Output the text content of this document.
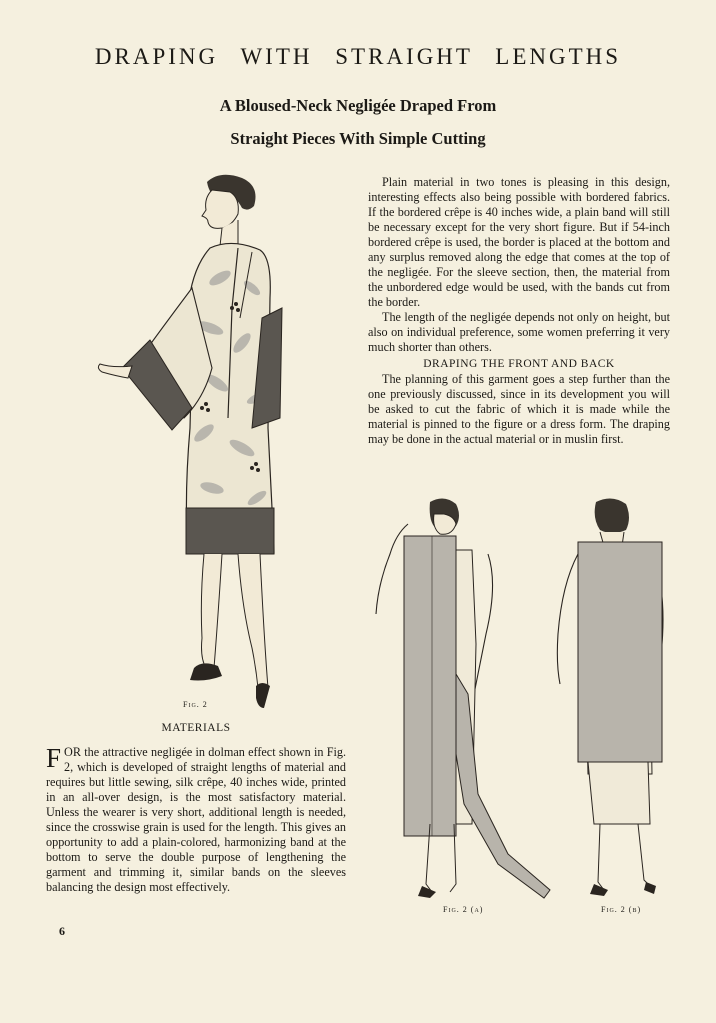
DRAPING WITH STRAIGHT LENGTHS
A Bloused-Neck Negligée Draped From
Straight Pieces With Simple Cutting
Fig. 2

Plain material in two tones is pleasing in this design, interesting effects also being possible with bordered fabrics. If the bordered crêpe is 40 inches wide, a plain band will still be necessary except for the very short figure. But if 54-inch bordered crêpe is used, the border is placed at the bottom and any surplus removed along the edge that comes at the top of the negligée. For the sleeve section, then, the material from the unbordered edge would be used, with the bands cut from the border.

The length of the negligée depends not only on height, but also on individual preference, some women preferring it very much shorter than others.

DRAPING THE FRONT AND BACK

The planning of this garment goes a step further than the one previously discussed, since in its development you will be asked to cut the fabric of which it is made while the material is pinned to the figure or a dress form. The draping may be done in the actual material or in muslin first.

Fig. 2 (a)	Fig. 2 (b)
MATERIALS

FOR the attractive negligée in dolman effect shown in Fig. 2, which is developed of straight lengths of material and requires but little sewing, silk crêpe, 40 inches wide, printed in an all-over design, is the most satisfactory material. Unless the wearer is very short, additional length is needed, since the crosswise grain is used for the length. This gives an opportunity to add a plain-colored, harmonizing band at the bottom to serve the double purpose of lengthening the garment and trimming it, similar bands on the sleeves balancing the design most effectively.

6
